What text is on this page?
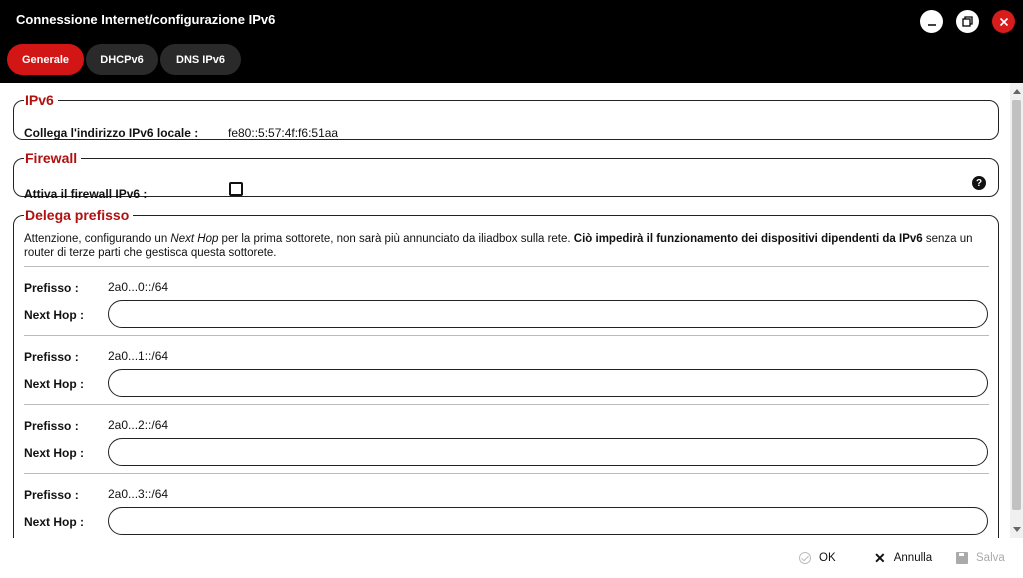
Connessione Internet/configurazione IPv6
Generale	DHCPv6	DNS IPv6
IPv6
Collega l'indirizzo IPv6 locale : fe80::5:57:4f:f6:51aa
Firewall
Attiva il firewall IPv6 :
?
Delega prefisso
Attenzione, configurando un Next Hop per la prima sottorete, non sarà più annunciato da iliadbox sulla rete. Ciò impedirà il funzionamento dei dispositivi dipendenti da IPv6 senza un router di terze parti che gestisca questa sottorete.
Prefisso : 2a0...0::/64
Next Hop :
Prefisso : 2a0...1::/64
Next Hop :
Prefisso : 2a0...2::/64
Next Hop :
Prefisso : 2a0...3::/64
Next Hop :
OK	✕ Annulla	Salva
